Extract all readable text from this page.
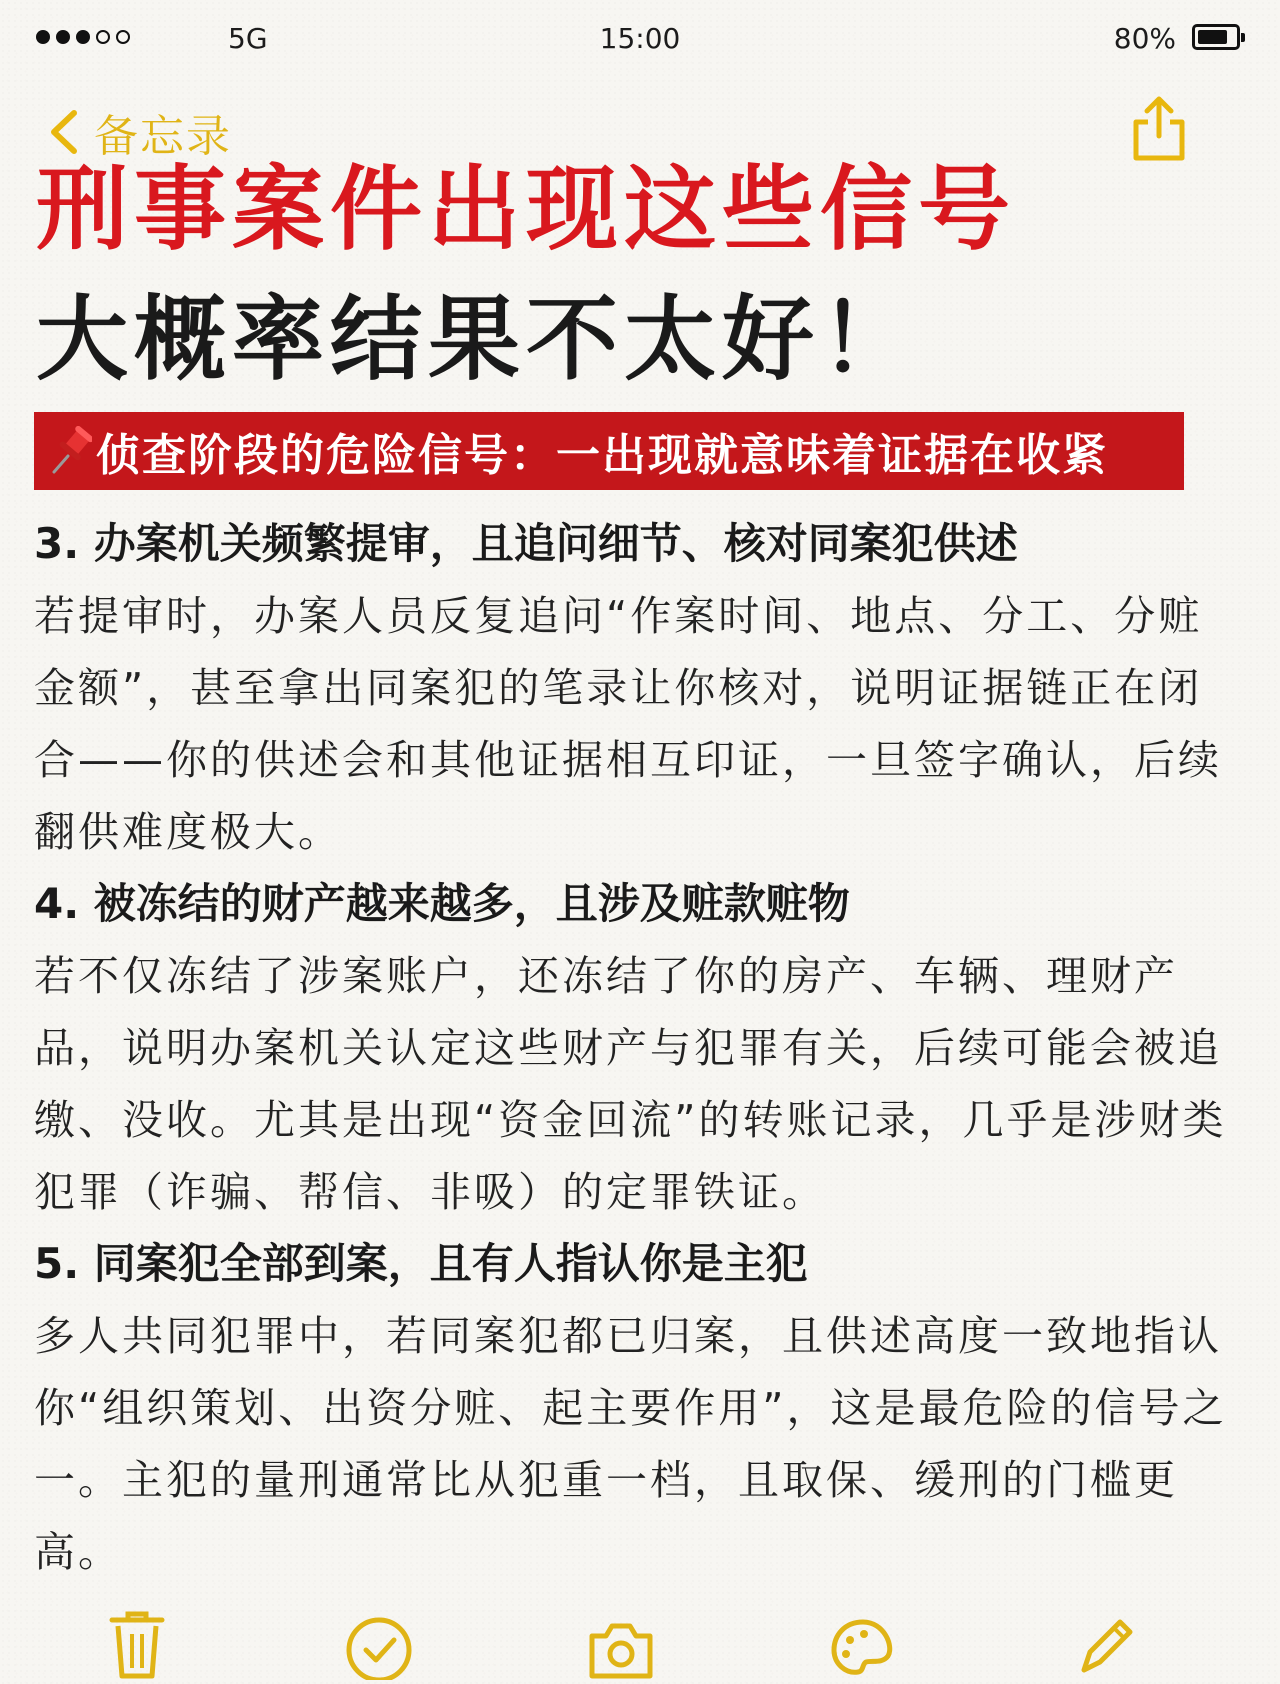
5G	15:00	80%
备忘录
刑事案件出现这些信号
大概率结果不太好！
侦查阶段的危险信号：一出现就意味着证据在收紧
3. 办案机关频繁提审，且追问细节、核对同案犯供述

若提审时，办案人员反复追问“作案时间、地点、分工、分赃金额”，甚至拿出同案犯的笔录让你核对，说明证据链正在闭合——你的供述会和其他证据相互印证，一旦签字确认，后续翻供难度极大。

4. 被冻结的财产越来越多，且涉及赃款赃物

若不仅冻结了涉案账户，还冻结了你的房产、车辆、理财产品，说明办案机关认定这些财产与犯罪有关，后续可能会被追缴、没收。尤其是出现“资金回流”的转账记录，几乎是涉财类犯罪（诈骗、帮信、非吸）的定罪铁证。

5. 同案犯全部到案，且有人指认你是主犯

多人共同犯罪中，若同案犯都已归案，且供述高度一致地指认你“组织策划、出资分赃、起主要作用”，这是最危险的信号之一。主犯的量刑通常比从犯重一档，且取保、缓刑的门槛更高。
